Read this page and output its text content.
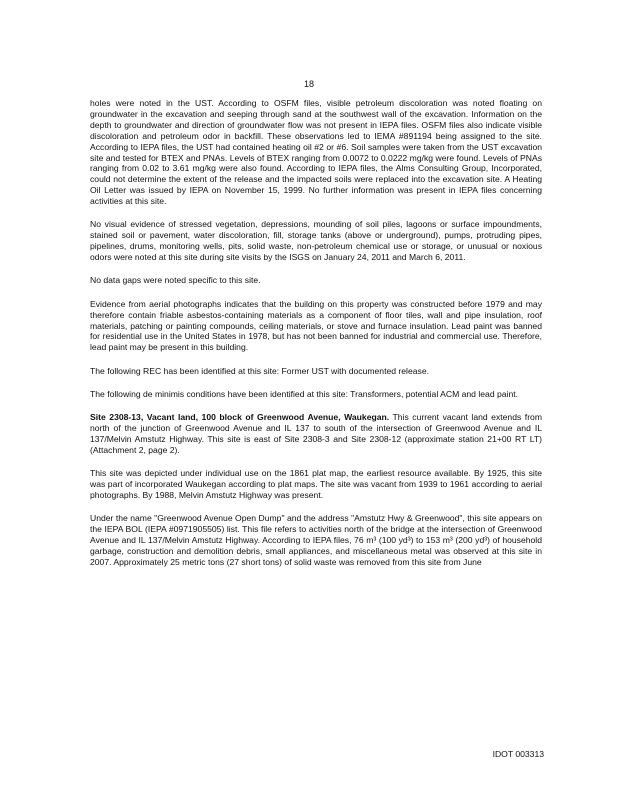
18

holes were noted in the UST. According to OSFM files, visible petroleum discoloration was noted floating on groundwater in the excavation and seeping through sand at the southwest wall of the excavation. Information on the depth to groundwater and direction of groundwater flow was not present in IEPA files. OSFM files also indicate visible discoloration and petroleum odor in backfill. These observations led to IEMA #891194 being assigned to the site. According to IEPA files, the UST had contained heating oil #2 or #6. Soil samples were taken from the UST excavation site and tested for BTEX and PNAs. Levels of BTEX ranging from 0.0072 to 0.0222 mg/kg were found. Levels of PNAs ranging from 0.02 to 3.61 mg/kg were also found. According to IEPA files, the Alms Consulting Group, Incorporated, could not determine the extent of the release and the impacted soils were replaced into the excavation site. A Heating Oil Letter was issued by IEPA on November 15, 1999. No further information was present in IEPA files concerning activities at this site.

No visual evidence of stressed vegetation, depressions, mounding of soil piles, lagoons or surface impoundments, stained soil or pavement, water discoloration, fill, storage tanks (above or underground), pumps, protruding pipes, pipelines, drums, monitoring wells, pits, solid waste, non-petroleum chemical use or storage, or unusual or noxious odors were noted at this site during site visits by the ISGS on January 24, 2011 and March 6, 2011.

No data gaps were noted specific to this site.

Evidence from aerial photographs indicates that the building on this property was constructed before 1979 and may therefore contain friable asbestos-containing materials as a component of floor tiles, wall and pipe insulation, roof materials, patching or painting compounds, ceiling materials, or stove and furnace insulation. Lead paint was banned for residential use in the United States in 1978, but has not been banned for industrial and commercial use. Therefore, lead paint may be present in this building.

The following REC has been identified at this site: Former UST with documented release.

The following de minimis conditions have been identified at this site: Transformers, potential ACM and lead paint.

Site 2308-13, Vacant land, 100 block of Greenwood Avenue, Waukegan. This current vacant land extends from north of the junction of Greenwood Avenue and IL 137 to south of the intersection of Greenwood Avenue and IL 137/Melvin Amstutz Highway. This site is east of Site 2308-3 and Site 2308-12 (approximate station 21+00 RT LT) (Attachment 2, page 2).

This site was depicted under individual use on the 1861 plat map, the earliest resource available. By 1925, this site was part of incorporated Waukegan according to plat maps. The site was vacant from 1939 to 1961 according to aerial photographs. By 1988, Melvin Amstutz Highway was present.

Under the name "Greenwood Avenue Open Dump" and the address "Amstutz Hwy & Greenwood", this site appears on the IEPA BOL (IEPA #0971905505) list. This file refers to activities north of the bridge at the intersection of Greenwood Avenue and IL 137/Melvin Amstutz Highway. According to IEPA files, 76 m³ (100 yd³) to 153 m³ (200 yd³) of household garbage, construction and demolition debris, small appliances, and miscellaneous metal was observed at this site in 2007. Approximately 25 metric tons (27 short tons) of solid waste was removed from this site from June

IDOT 003313
